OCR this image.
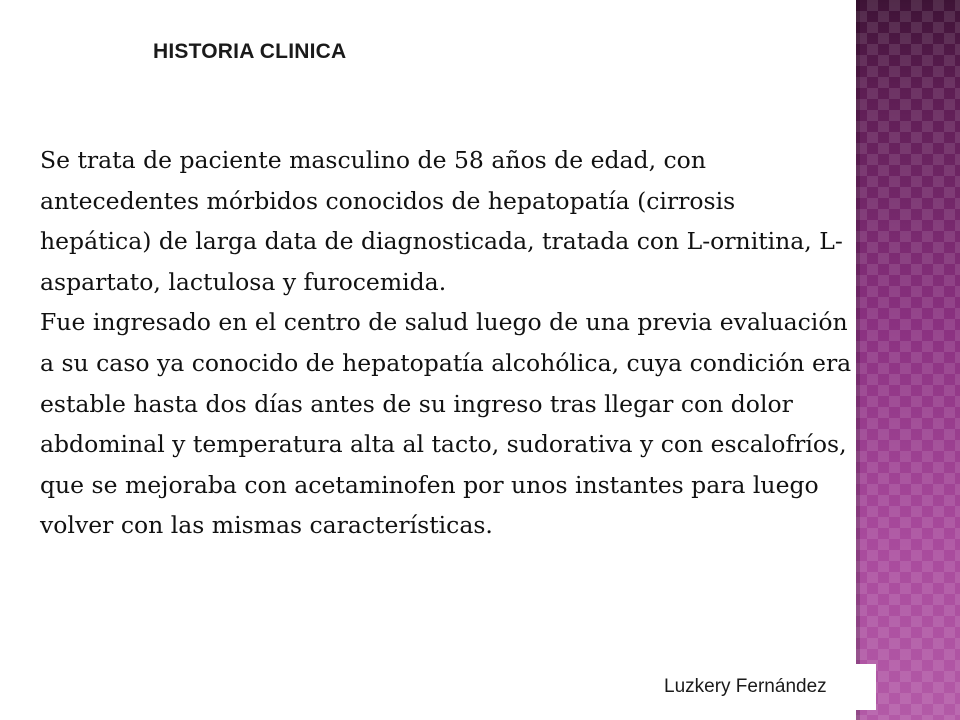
HISTORIA CLINICA

Se trata de paciente masculino de 58 años de edad, con antecedentes mórbidos conocidos de hepatopatía (cirrosis hepática) de larga data de diagnosticada, tratada con L-ornitina, L- aspartato, lactulosa y furocemida.

Fue ingresado en el centro de salud luego de una previa evaluación a su caso ya conocido de hepatopatía alcohólica, cuya condición era estable hasta dos días antes de su ingreso tras llegar con dolor abdominal y temperatura alta al tacto, sudorativa y con escalofríos, que se mejoraba con acetaminofen por unos instantes para luego volver con las mismas características.

Luzkery Fernández
